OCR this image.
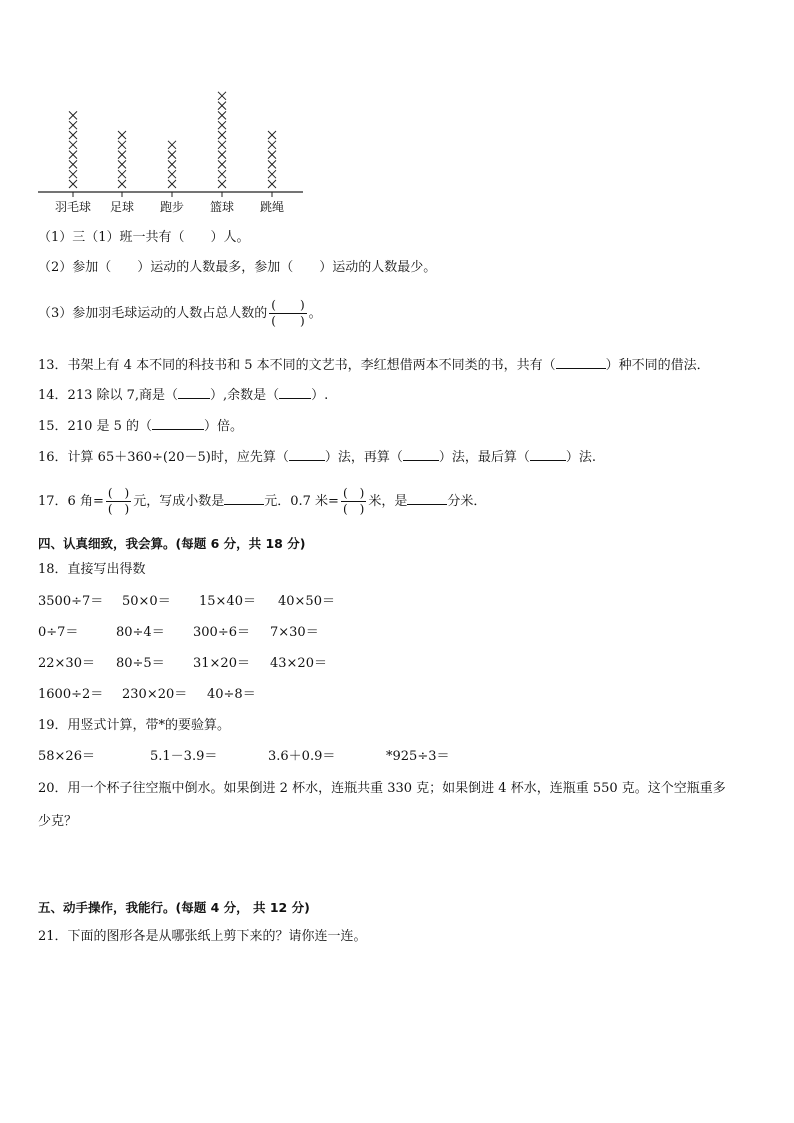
羽毛球 足球 跑步 篮球 跳绳
（1）三（1）班一共有（　　）人。
（2）参加（　　）运动的人数最多，参加（　　）运动的人数最少。
（3）参加羽毛球运动的人数占总人数的 $\frac{( )}{( )}$ 。
13．书架上有 4 本不同的科技书和 5 本不同的文艺书，李红想借两本不同类的书，共有（	）种不同的借法．
14．213 除以 7,商是（ ）,余数是（ ）.
15．210 是 5 的（	）倍。
16．计算 65＋360÷(20－5)时，应先算（	）法，再算（	）法，最后算（	）法.
17．6 角= $\frac{( )}{( )}$ 元，写成小数是	元．0.7 米= $\frac{( )}{( )}$ 米，是	分米．
四、认真细致，我会算。(每题 6 分，共 18 分)
18．直接写出得数
3500÷7＝ 50×0＝ 15×40＝ 40×50＝
0÷7＝	80÷4＝ 300÷6＝ 7×30＝
22×30＝ 80÷5＝ 31×20＝ 43×20＝
1600÷2＝ 230×20＝ 40÷8＝
19．用竖式计算，带*的要验算。
58×26＝	5.1－3.9＝	3.6＋0.9＝	*925÷3＝
20．用一个杯子往空瓶中倒水。如果倒进 2 杯水，连瓶共重 330 克；如果倒进 4 杯水，连瓶重 550 克。这个空瓶重多
少克？
五、动手操作，我能行。(每题 4 分， 共 12 分)
21．下面的图形各是从哪张纸上剪下来的？请你连一连。
